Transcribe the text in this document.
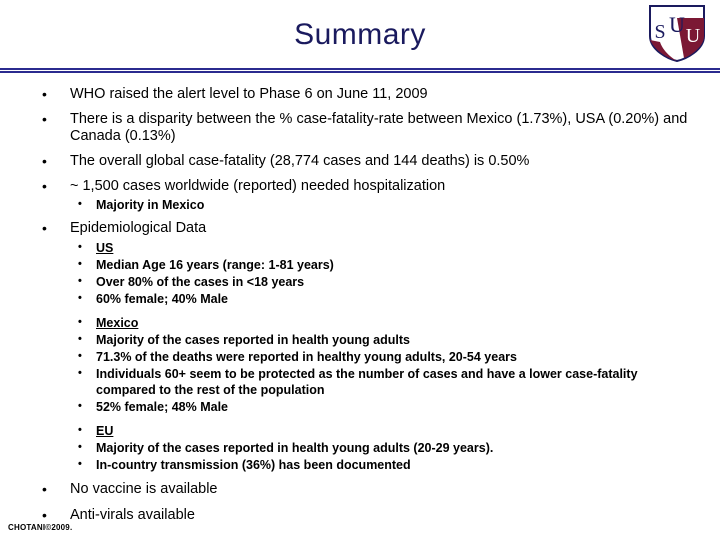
U
S U
Summary
• WHO raised the alert level to Phase 6 on June 11, 2009
• There is a disparity between the % case-fatality-rate between Mexico (1.73%), USA (0.20%) and Canada (0.13%)
• The overall global case-fatality (28,774 cases and 144 deaths) is 0.50%
• ~ 1,500 cases worldwide (reported) needed hospitalization
• Majority in Mexico
• Epidemiological Data
• US
• Median Age 16 years (range: 1-81 years)
• Over 80% of the cases in <18 years
• 60% female; 40% Male
• Mexico
• Majority of the cases reported in health young adults
• 71.3% of the deaths were reported in healthy young adults, 20-54 years
• Individuals 60+ seem to be protected as the number of cases and have a lower case-fatality compared to the rest of the population
• 52% female; 48% Male
• EU
• Majority of the cases reported in health young adults (20-29 years).
• In-country transmission (36%) has been documented
• No vaccine is available
• Anti-virals available
CHOTANI©2009.
